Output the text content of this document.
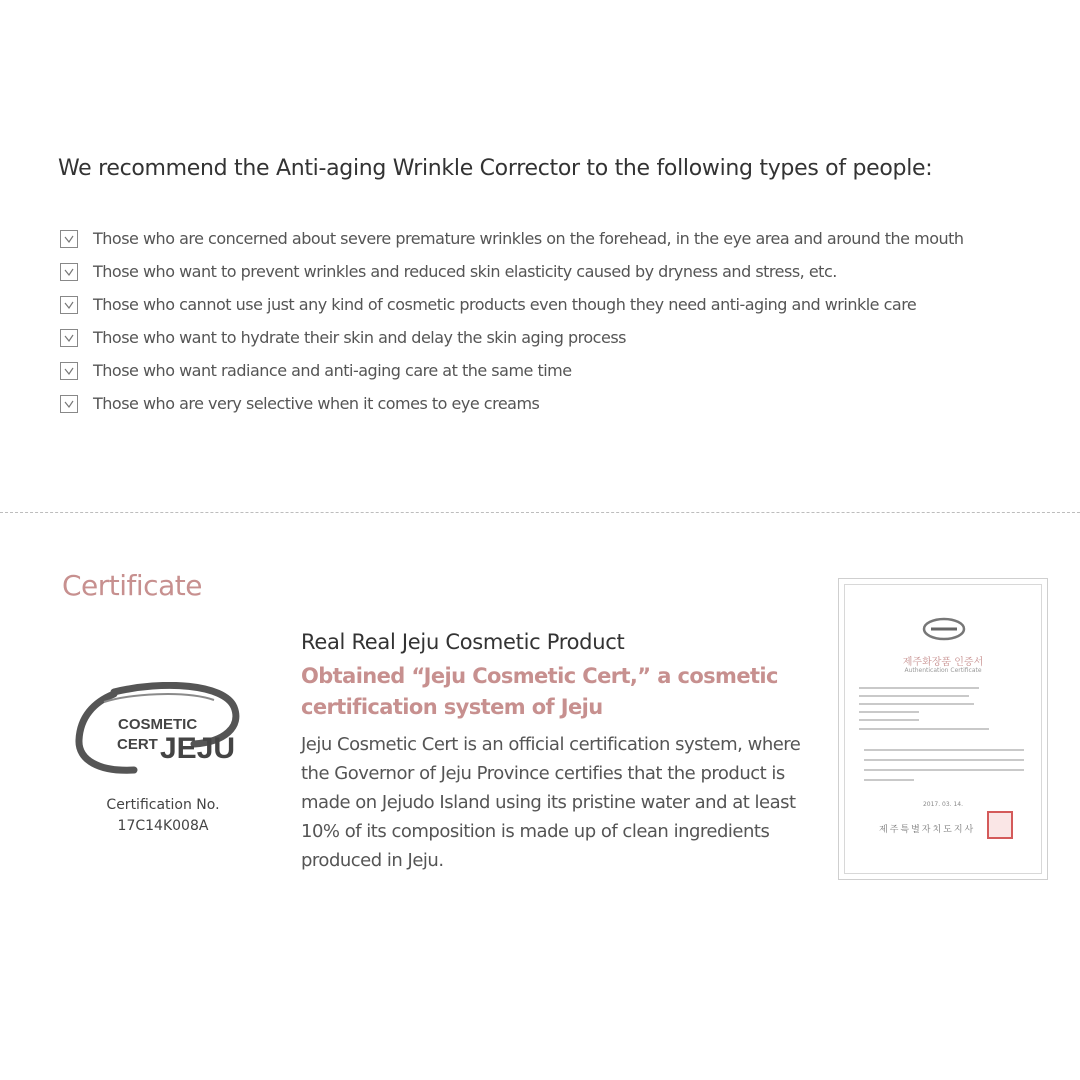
We recommend the Anti-aging Wrinkle Corrector to the following types of people:
Those who are concerned about severe premature wrinkles on the forehead, in the eye area and around the mouth
Those who want to prevent wrinkles and reduced skin elasticity caused by dryness and stress, etc.
Those who cannot use just any kind of cosmetic products even though they need anti-aging and wrinkle care
Those who want to hydrate their skin and delay the skin aging process
Those who want radiance and anti-aging care at the same time
Those who are very selective when it comes to eye creams
Certificate
COSMETIC
CERT JEJU
Certification No.
17C14K008A
Real Real Jeju Cosmetic Product
Obtained “Jeju Cosmetic Cert,” a cosmetic certification system of Jeju
Jeju Cosmetic Cert is an official certification system, where the Governor of Jeju Province certifies that the product is made on Jejudo Island using its pristine water and at least 10% of its composition is made up of clean ingredients produced in Jeju.
제주화장품 인증서
Authentication Certificate
2017. 03. 14.
제주특별자치도지사
